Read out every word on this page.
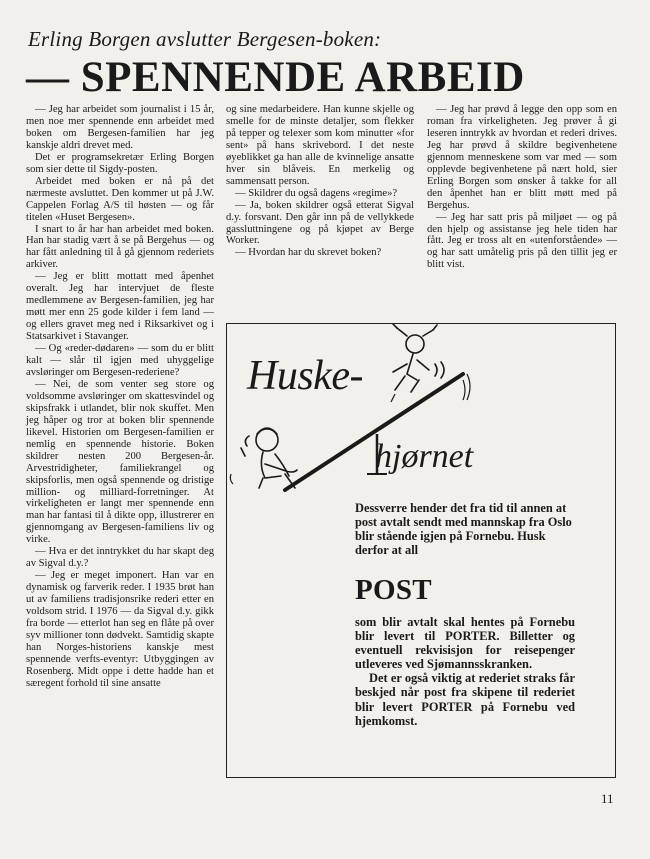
Erling Borgen avslutter Bergesen-boken:
— SPENNENDE ARBEID

— Jeg har arbeidet som journalist i 15 år, men noe mer spennende enn arbeidet med boken om Bergesen-familien har jeg kanskje aldri drevet med.

Det er programsekretær Erling Borgen som sier dette til Sigdy-posten.

Arbeidet med boken er nå på det nærmeste avsluttet. Den kommer ut på J.W. Cappelen Forlag A/S til høsten — og får titelen «Huset Bergesen».

I snart to år har han arbeidet med boken. Han har stadig vært å se på Bergehus — og har fått anledning til å gå gjennom rederiets arkiver.

— Jeg er blitt mottatt med åpenhet overalt. Jeg har intervjuet de fleste medlemmene av Bergesen-familien, jeg har møtt mer enn 25 gode kilder i fem land — og ellers gravet meg ned i Riksarkivet og i Statsarkivet i Stavanger.

— Og «reder-dødaren» — som du er blitt kalt — slår til igjen med uhyggelige avsløringer om Bergesen-rederiene?

— Nei, de som venter seg store og voldsomme avsløringer om skattesvindel og skipsfrakk i utlandet, blir nok skuffet. Men jeg håper og tror at boken blir spennende likevel. Historien om Bergesen-familien er nemlig en spennende historie. Boken skildrer nesten 200 Bergesen-år. Arvestridigheter, familiekrangel og skipsforlis, men også spennende og dristige million- og milliard-forretninger. At virkeligheten er langt mer spennende enn man har fantasi til å dikte opp, illustrerer en gjennomgang av Bergesen-familiens liv og virke.

— Hva er det inntrykket du har skapt deg av Sigval d.y.?

— Jeg er meget imponert. Han var en dynamisk og farverik reder. I 1935 brøt han ut av familiens tradisjonsrike rederi etter en voldsom strid. I 1976 — da Sigval d.y. gikk fra borde — etterlot han seg en flåte på over syv millioner tonn dødvekt. Samtidig skapte han Norges-historiens kanskje mest spennende verfts-eventyr: Utbyggingen av Rosenberg. Midt oppe i dette hadde han et særegent forhold til sine ansatte

og sine medarbeidere. Han kunne skjelle og smelle for de minste detaljer, som flekker på tepper og telexer som kom minutter «for sent» på hans skrivebord. I det neste øyeblikket ga han alle de kvinnelige ansatte hver sin blåveis. En merkelig og sammensatt person.

— Skildrer du også dagens «regime»?

— Ja, boken skildrer også etterat Sigval d.y. forsvant. Den går inn på de vellykkede gassluttningene og på kjøpet av Berge Worker.

— Hvordan har du skrevet boken?

— Jeg har prøvd å legge den opp som en roman fra virkeligheten. Jeg prøver å gi leseren inntrykk av hvordan et rederi drives. Jeg har prøvd å skildre begivenhetene gjennom menneskene som var med — som opplevde begivenhetene på nært hold, sier Erling Borgen som ønsker å takke for all den åpenhet han er blitt møtt med på Bergehus.

— Jeg har satt pris på miljøet — og på den hjelp og assistanse jeg hele tiden har fått. Jeg er tross alt en «utenforstående» — og har satt umåtelig pris på den tillit jeg er blitt vist.

Huske-
hjørnet
Dessverre hender det fra tid til annen at post avtalt sendt med mannskap fra Oslo blir stående igjen på Fornebu. Husk derfor at all
POST

som blir avtalt skal hentes på Fornebu blir levert til PORTER. Billetter og eventuell rekvisisjon for reisepenger utleveres ved Sjømannsskranken.

Det er også viktig at rederiet straks får beskjed når post fra skipene til rederiet blir levert PORTER på Fornebu ved hjemkomst.

11
